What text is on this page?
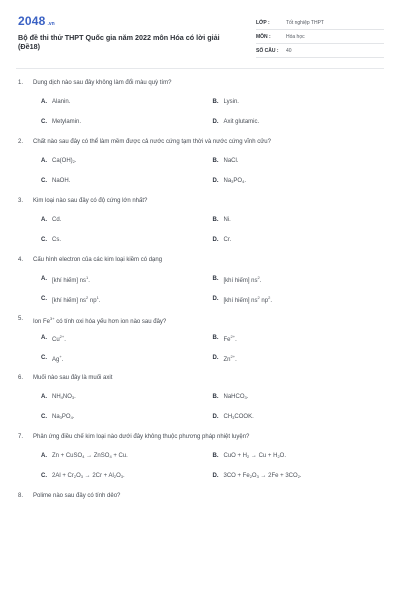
2048 .vn
Bộ đề thi thử THPT Quốc gia năm 2022 môn Hóa có lời giải
(Đề18)
LỚP :	Tốt nghiệp THPT
MÔN :	Hóa học
SỐ CÂU :	40
1.	Dung dịch nào sau đây không làm đổi màu quỳ tím?
A. Alanin.	B. Lysin.
C. Metylamin.	D. Axit glutamic.
2.	Chất nào sau đây có thể làm mềm được cả nước cứng tạm thời và nước cứng vĩnh cửu?
A. $Ca(OH)_2$.	B. NaCl.
C. NaOH.	D. $Na_3PO_4$.
3.	Kim loại nào sau đây có độ cứng lớn nhất?
A. Cd.	B. Ni.
C. Cs.	D. Cr.
4.	Cấu hình electron của các kim loại kiềm có dạng
A. [khí hiếm] $ns^1$.	B. [khí hiếm] $ns^2$.
C. [khí hiếm] $ns^2$ $np^1$.	D. [khí hiếm] $ns^2$ $np^2$.
5.	Ion $Fe^{3+}$ có tính oxi hóa yếu hơn ion nào sau đây?
A. $Cu^{2+}$.	B. $Fe^{2+}$.
C. Ag+.	D. $Zn^{2+}$.
6.	Muối nào sau đây là muối axit
A. $NH_4NO_3$.	B. NaHCO$_3$.
C. $Na_3PO_4$.	D. $CH_3COOK$.
7.	Phản ứng điều chế kim loại nào dưới đây không thuộc phương pháp nhiệt luyện?
A. Zn + CuSO$_4$ → ZnSO$_4$ + Cu.	B. CuO + $H_2 \to Cu + H_2O$.
C. $2Al + Cr_2O_3 \to 2Cr + Al_2O_3$.	D. $3CO + Fe_2O_3 \to 2Fe + 3CO_2$.
8.	Polime nào sau đây có tính dẻo?
